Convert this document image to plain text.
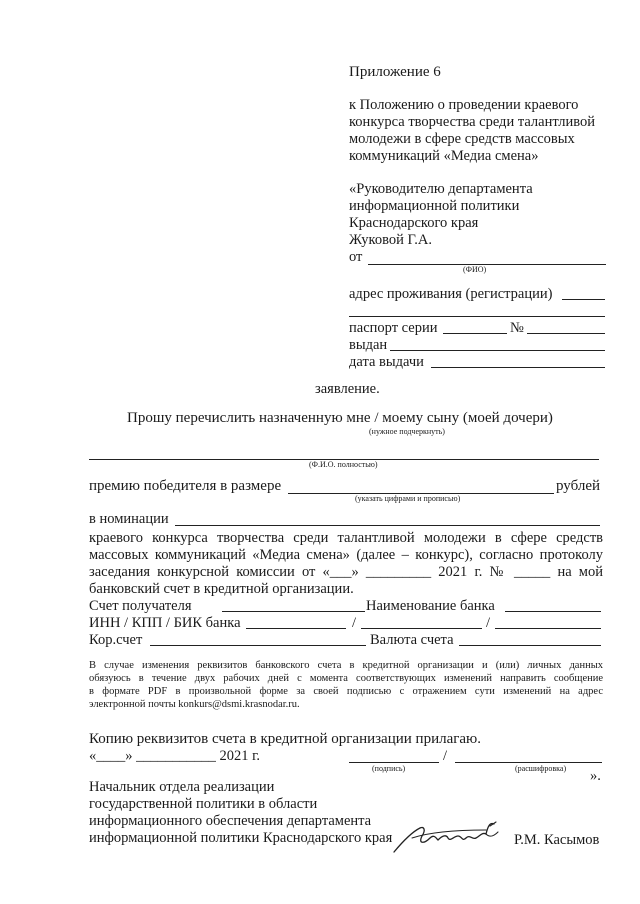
Приложение 6
к Положению о проведении краевого
конкурса творчества среди талантливой
молодежи в сфере средств массовых
коммуникаций «Медиа смена»
«Руководителю департамента
информационной политики
Краснодарского края
Жуковой Г.А.
от
(ФИО)
адрес проживания (регистрации)
паспорт серии	№
выдан
дата выдачи
заявление.
Прошу перечислить назначенную мне / моему сыну (моей дочери)
(нужное подчеркнуть)
(Ф.И.О. полностью)
премию победителя в размере	рублей
(указать цифрами и прописью)
в номинации
краевого конкурса творчества среди талантливой молодежи в сфере средств
массовых коммуникаций «Медиа смена» (далее – конкурс), согласно протоколу
заседания конкурсной комиссии от «___» _________ 2021 г. № _____ на мой
банковский счет в кредитной организации.
Счет получателя	Наименование банка
ИНН / КПП / БИК банка	/	/
Кор.счет	Валюта счета
В случае изменения реквизитов банковского счета в кредитной организации и (или) личных данных
обязуюсь в течение двух рабочих дней с момента соответствующих изменений направить сообщение
в формате PDF в произвольной форме за своей подписью с отражением сути изменений на адрес
электронной почты konkurs@dsmi.krasnodar.ru.
Копию реквизитов счета в кредитной организации прилагаю.
«____» ___________ 2021 г.	/
(подпись)	(расшифровка) ».
Начальник отдела реализации
государственной политики в области
информационного обеспечения департамента
информационной политики Краснодарского края	Р.М. Касымов
